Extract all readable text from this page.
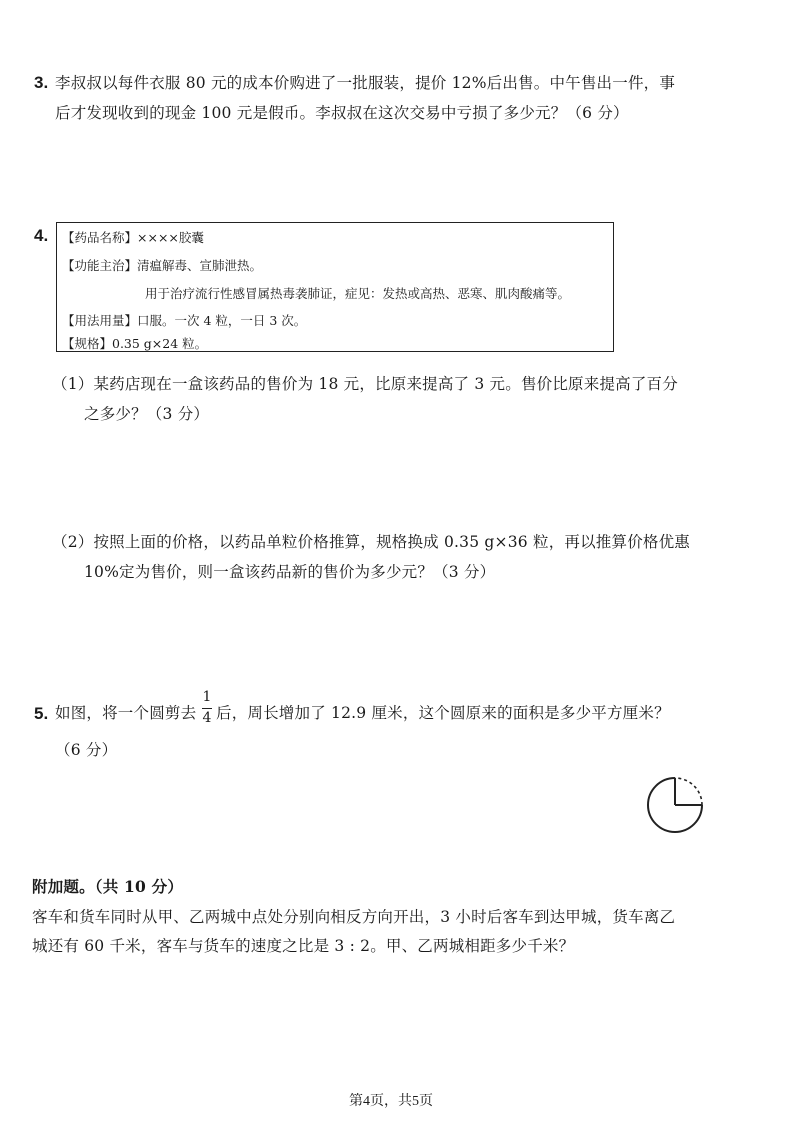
3. 李叔叔以每件衣服 80 元的成本价购进了一批服装，提价 12%后出售。中午售出一件，事
后才发现收到的现金 100 元是假币。李叔叔在这次交易中亏损了多少元？（6 分）
4. 【药品名称】××××胶囊
【功能主治】清瘟解毒、宣肺泄热。
用于治疗流行性感冒属热毒袭肺证，症见：发热或高热、恶寒、肌肉酸痛等。
【用法用量】口服。一次 4 粒，一日 3 次。
【规格】0.35 g×24 粒。
（1）某药店现在一盒该药品的售价为 18 元，比原来提高了 3 元。售价比原来提高了百分
之多少？（3 分）
（2）按照上面的价格，以药品单粒价格推算，规格换成 0.35 g×36 粒，再以推算价格优惠
10%定为售价，则一盒该药品新的售价为多少元？（3 分）
5. 如图，将一个圆剪去
1
4 后，周长增加了 12.9 厘米，这个圆原来的面积是多少平方厘米？
（6 分）
附加题。（共 10 分）
客车和货车同时从甲、乙两城中点处分别向相反方向开出，3 小时后客车到达甲城，货车离乙
城还有 60 千米，客车与货车的速度之比是 3 : 2。甲、乙两城相距多少千米？
第4页，共5页
